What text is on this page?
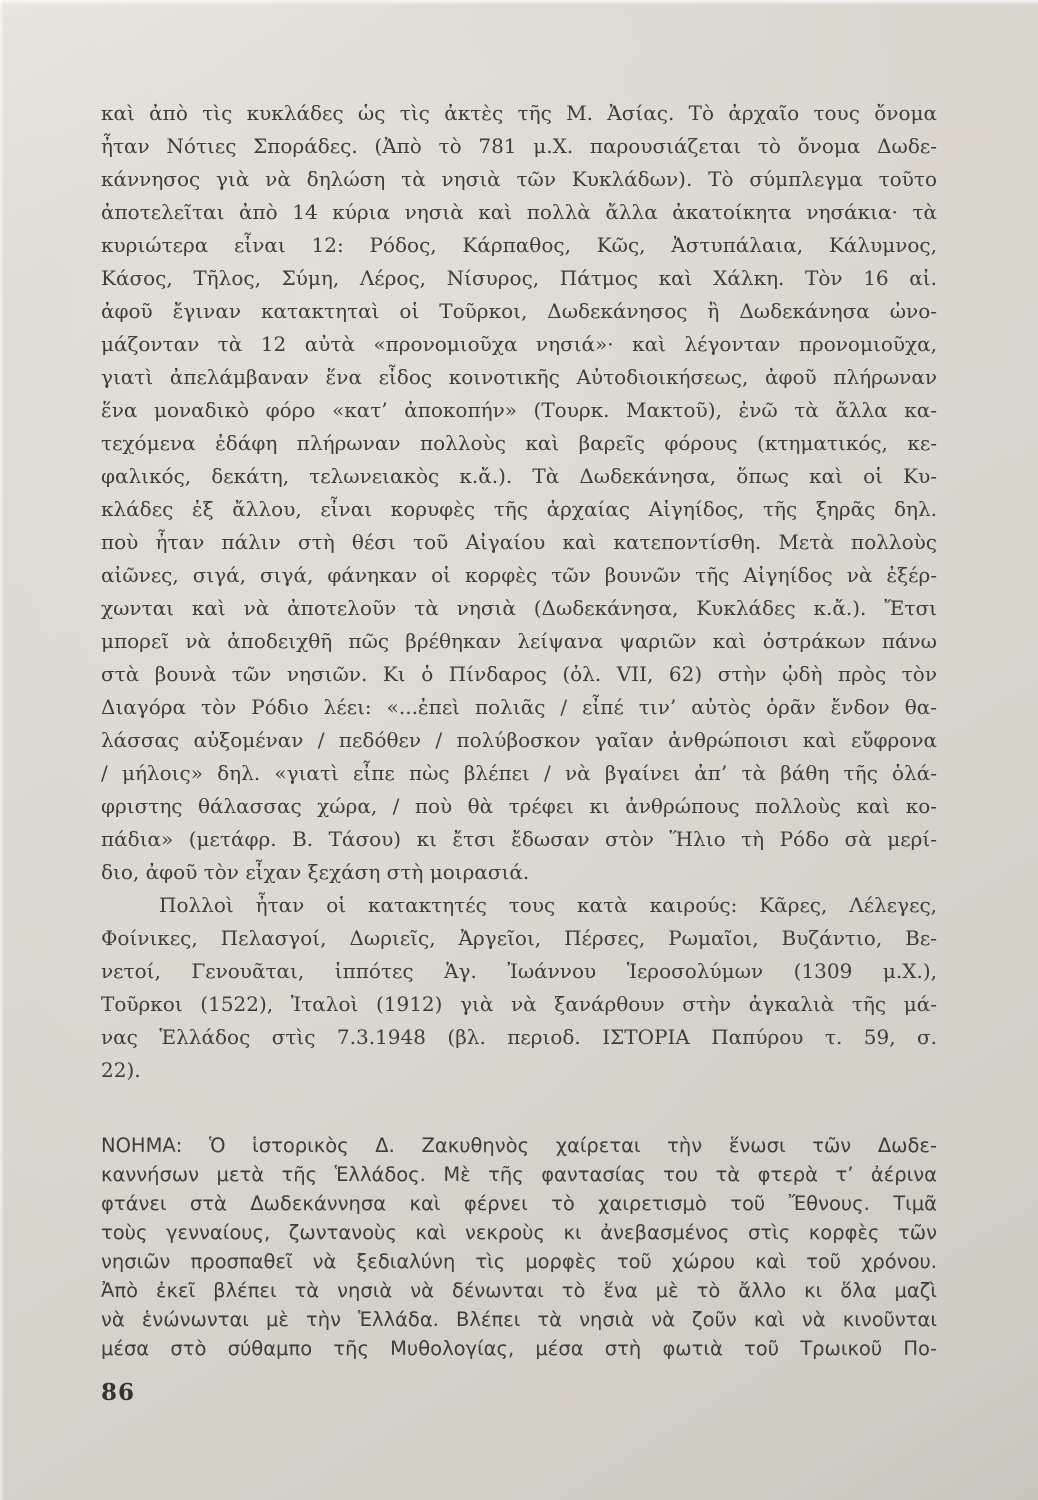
καὶ ἀπὸ τὶς κυκλάδες ὡς τὶς ἀκτὲς τῆς Μ. Ἀσίας. Τὸ ἀρχαῖο τους ὄνομα
ἦταν Νότιες Σποράδες. (Ἀπὸ τὸ 781 μ.Χ. παρουσιάζεται τὸ ὄνομα Δωδε-
κάννησος γιὰ νὰ δηλώση τὰ νησιὰ τῶν Κυκλάδων). Τὸ σύμπλεγμα τοῦτο
ἀποτελεῖται ἀπὸ 14 κύρια νησιὰ καὶ πολλὰ ἄλλα ἀκατοίκητα νησάκια· τὰ
κυριώτερα εἶναι 12: Ρόδος, Κάρπαθος, Κῶς, Ἀστυπάλαια, Κάλυμνος,
Κάσος, Τῆλος, Σύμη, Λέρος, Νίσυρος, Πάτμος καὶ Χάλκη. Τὸν 16 αἰ.
ἀφοῦ ἔγιναν κατακτηταὶ οἱ Τοῦρκοι, Δωδεκάνησος ἢ Δωδεκάνησα ὠνο-
μάζονταν τὰ 12 αὐτὰ «προνομιοῦχα νησιά»· καὶ λέγονταν προνομιοῦχα,
γιατὶ ἀπελάμβαναν ἕνα εἶδος κοινοτικῆς Αὐτοδιοικήσεως, ἀφοῦ πλήρωναν
ἕνα μοναδικὸ φόρο «κατ’ ἀποκοπήν» (Τουρκ. Μακτοῦ), ἐνῶ τὰ ἄλλα κα-
τεχόμενα ἐδάφη πλήρωναν πολλοὺς καὶ βαρεῖς φόρους (κτηματικός, κε-
φαλικός, δεκάτη, τελωνειακὸς κ.ἄ.). Τὰ Δωδεκάνησα, ὅπως καὶ οἱ Κυ-
κλάδες ἐξ ἄλλου, εἶναι κορυφὲς τῆς ἀρχαίας Αἰγηίδος, τῆς ξηρᾶς δηλ.
ποὺ ἦταν πάλιν στὴ θέσι τοῦ Αἰγαίου καὶ κατεποντίσθη. Μετὰ πολλοὺς
αἰῶνες, σιγά, σιγά, φάνηκαν οἱ κορφὲς τῶν βουνῶν τῆς Αἰγηίδος νὰ ἐξέρ-
χωνται καὶ νὰ ἀποτελοῦν τὰ νησιὰ (Δωδεκάνησα, Κυκλάδες κ.ἄ.). Ἔτσι
μπορεῖ νὰ ἀποδειχθῆ πῶς βρέθηκαν λείψανα ψαριῶν καὶ ὀστράκων πάνω
στὰ βουνὰ τῶν νησιῶν. Κι ὁ Πίνδαρος (ὀλ. VII, 62) στὴν ᾠδὴ πρὸς τὸν
Διαγόρα τὸν Ρόδιο λέει: «...ἐπεὶ πολιᾶς / εἶπέ τιν’ αὐτὸς ὁρᾶν ἔνδον θα-
λάσσας αὐξομέναν / πεδόθεν / πολύβοσκον γαῖαν ἀνθρώποισι καὶ εὔφρονα
/ μήλοις» δηλ. «γιατὶ εἶπε πὼς βλέπει / νὰ βγαίνει ἀπ’ τὰ βάθη τῆς ὁλά-
φριστης θάλασσας χώρα, / ποὺ θὰ τρέφει κι ἀνθρώπους πολλοὺς καὶ κο-
πάδια» (μετάφρ. Β. Τάσου) κι ἔτσι ἔδωσαν στὸν Ἥλιο τὴ Ρόδο σὰ μερί-
διο, ἀφοῦ τὸν εἶχαν ξεχάση στὴ μοιρασιά.
Πολλοὶ ἦταν οἱ κατακτητές τους κατὰ καιρούς: Κᾶρες, Λέλεγες,
Φοίνικες, Πελασγοί, Δωριεῖς, Ἀργεῖοι, Πέρσες, Ρωμαῖοι, Βυζάντιο, Βε-
νετοί, Γενουᾶται, ἱππότες Ἁγ. Ἰωάννου Ἱεροσολύμων (1309 μ.Χ.),
Τοῦρκοι (1522), Ἰταλοὶ (1912) γιὰ νὰ ξανάρθουν στὴν ἀγκαλιὰ τῆς μά-
νας Ἑλλάδος στὶς 7.3.1948 (βλ. περιοδ. ΙΣΤΟΡΙΑ Παπύρου τ. 59, σ.
22).
ΝΟΗΜΑ: Ὁ ἱστορικὸς Δ. Ζακυθηνὸς χαίρεται τὴν ἕνωσι τῶν Δωδε-
καννήσων μετὰ τῆς Ἑλλάδος. Μὲ τῆς φαντασίας του τὰ φτερὰ τ’ ἀέρινα
φτάνει στὰ Δωδεκάννησα καὶ φέρνει τὸ χαιρετισμὸ τοῦ Ἔθνους. Τιμᾶ
τοὺς γενναίους, ζωντανοὺς καὶ νεκροὺς κι ἀνεβασμένος στὶς κορφὲς τῶν
νησιῶν προσπαθεῖ νὰ ξεδιαλύνη τὶς μορφὲς τοῦ χώρου καὶ τοῦ χρόνου.
Ἀπὸ ἐκεῖ βλέπει τὰ νησιὰ νὰ δένωνται τὸ ἕνα μὲ τὸ ἄλλο κι ὅλα μαζὶ
νὰ ἑνώνωνται μὲ τὴν Ἑλλάδα. Βλέπει τὰ νησιὰ νὰ ζοῦν καὶ νὰ κινοῦνται
μέσα στὸ σύθαμπο τῆς Μυθολογίας, μέσα στὴ φωτιὰ τοῦ Τρωικοῦ Πο-
86
